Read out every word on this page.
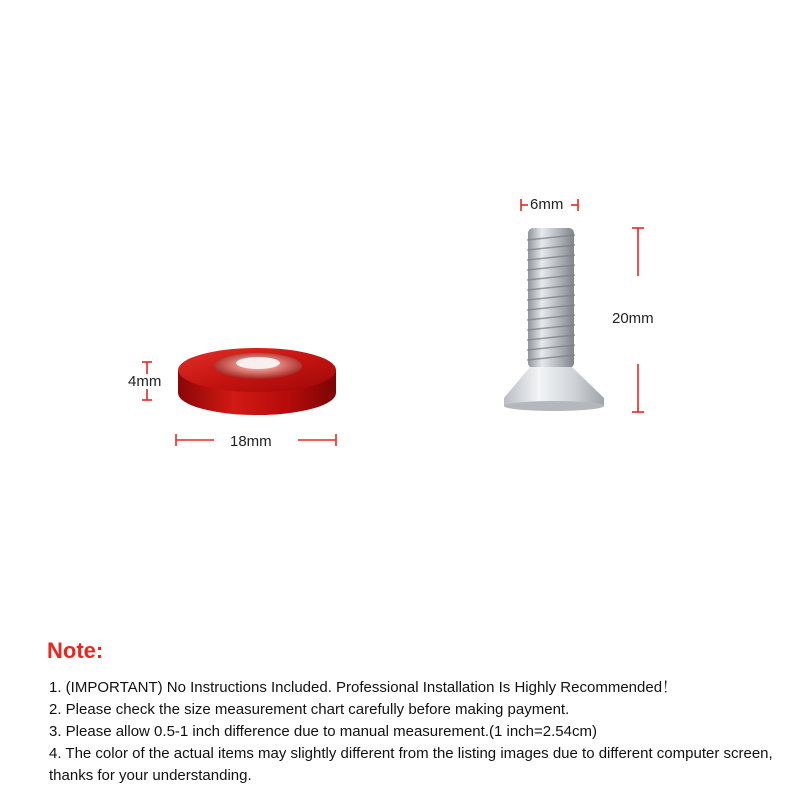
4mm
18mm
6mm
20mm
Note:

1. (IMPORTANT) No Instructions Included. Professional Installation Is Highly Recommended！

2. Please check the size measurement chart carefully before making payment.

3. Please allow 0.5-1 inch difference due to manual measurement.(1 inch=2.54cm)

4. The color of the actual items may slightly different from the listing images due to different computer screen, thanks for your understanding.
